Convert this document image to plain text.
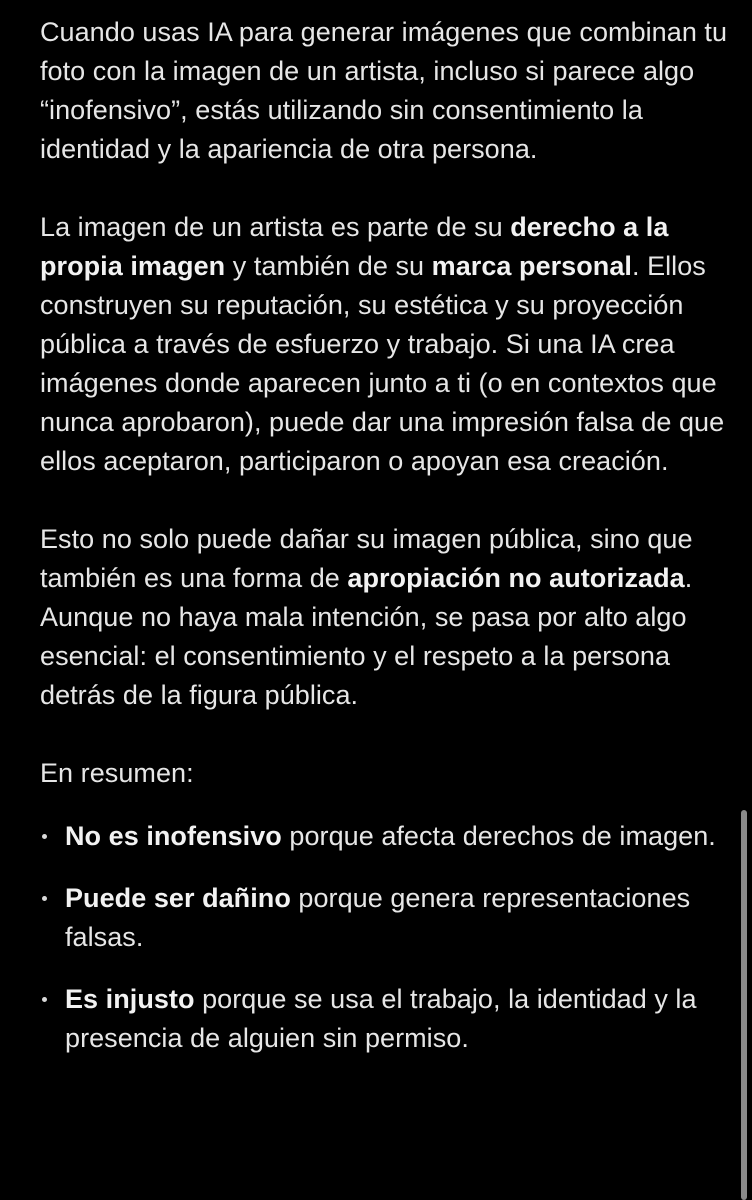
Cuando usas IA para generar imágenes que combinan tu foto con la imagen de un artista, incluso si parece algo “inofensivo”, estás utilizando sin consentimiento la identidad y la apariencia de otra persona.

La imagen de un artista es parte de su derecho a la propia imagen y también de su marca personal. Ellos construyen su reputación, su estética y su proyección pública a través de esfuerzo y trabajo. Si una IA crea imágenes donde aparecen junto a ti (o en contextos que nunca aprobaron), puede dar una impresión falsa de que ellos aceptaron, participaron o apoyan esa creación.

Esto no solo puede dañar su imagen pública, sino que también es una forma de apropiación no autorizada. Aunque no haya mala intención, se pasa por alto algo esencial: el consentimiento y el respeto a la persona detrás de la figura pública.

En resumen:

No es inofensivo porque afecta derechos de imagen.
Puede ser dañino porque genera representaciones falsas.
Es injusto porque se usa el trabajo, la identidad y la presencia de alguien sin permiso.
